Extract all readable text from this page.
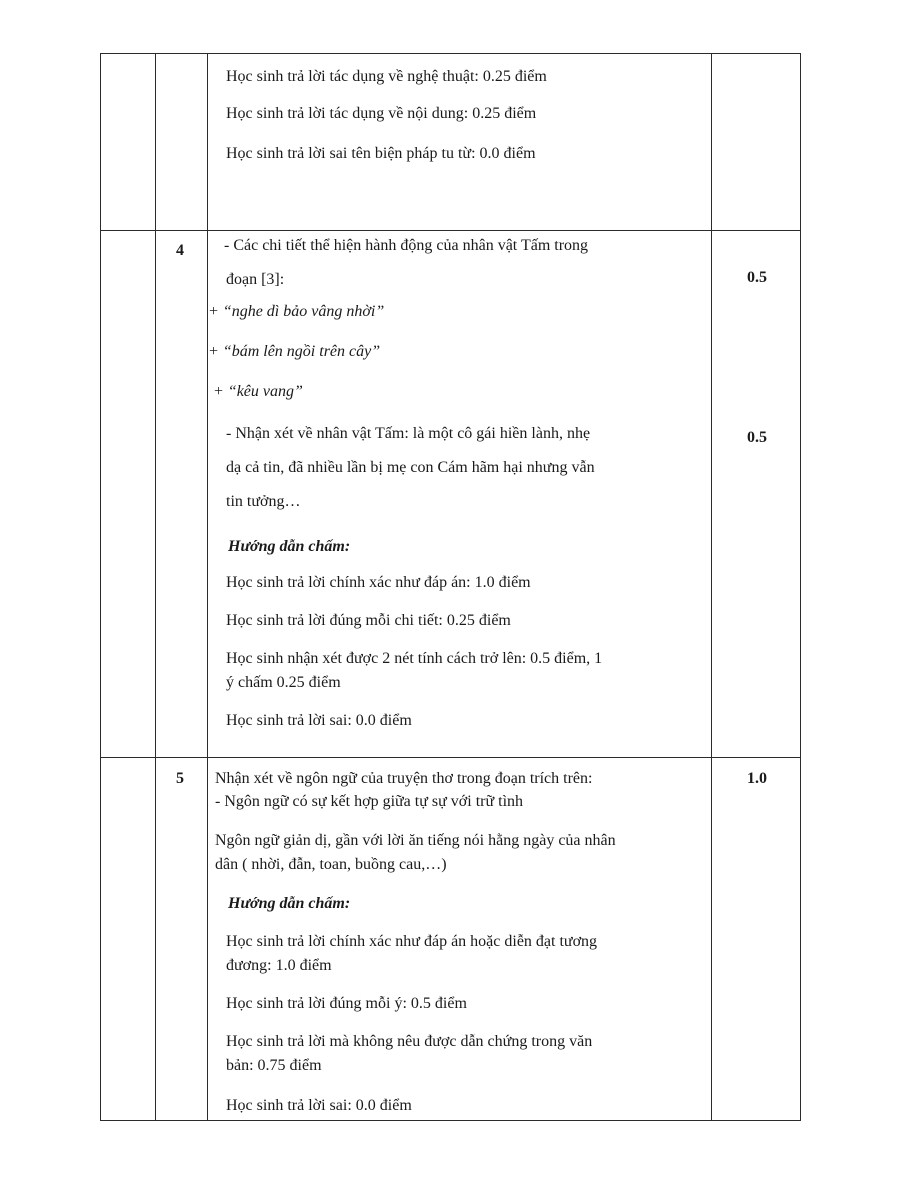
Học sinh trả lời tác dụng về nghệ thuật: 0.25 điểm
Học sinh trả lời tác dụng về nội dung: 0.25 điểm
Học sinh trả lời sai tên biện pháp tu từ: 0.0 điểm
4	- Các chi tiết thể hiện hành động của nhân vật Tấm trong
đoạn [3]:
+ “nghe dì bảo vâng nhời”
+ “bám lên ngồi trên cây”
+ “kêu vang”
- Nhận xét về nhân vật Tấm: là một cô gái hiền lành, nhẹ
dạ cả tin, đã nhiều lần bị mẹ con Cám hãm hại nhưng vẫn
tin tưởng…
Hướng dẫn chấm:
Học sinh trả lời chính xác như đáp án: 1.0 điểm
Học sinh trả lời đúng mỗi chi tiết: 0.25 điểm
Học sinh nhận xét được 2 nét tính cách trở lên: 0.5 điểm, 1
ý chấm 0.25 điểm
Học sinh trả lời sai: 0.0 điểm
0.5
0.5
5 Nhận xét về ngôn ngữ của truyện thơ trong đoạn trích trên:
- Ngôn ngữ có sự kết hợp giữa tự sự với trữ tình
Ngôn ngữ giản dị, gần với lời ăn tiếng nói hằng ngày của nhân
dân ( nhời, đẫn, toan, buồng cau,…)
Hướng dẫn chấm:
Học sinh trả lời chính xác như đáp án hoặc diễn đạt tương
đương: 1.0 điểm
Học sinh trả lời đúng mỗi ý: 0.5 điểm
Học sinh trả lời mà không nêu được dẫn chứng trong văn
bản: 0.75 điểm
Học sinh trả lời sai: 0.0 điểm
1.0
